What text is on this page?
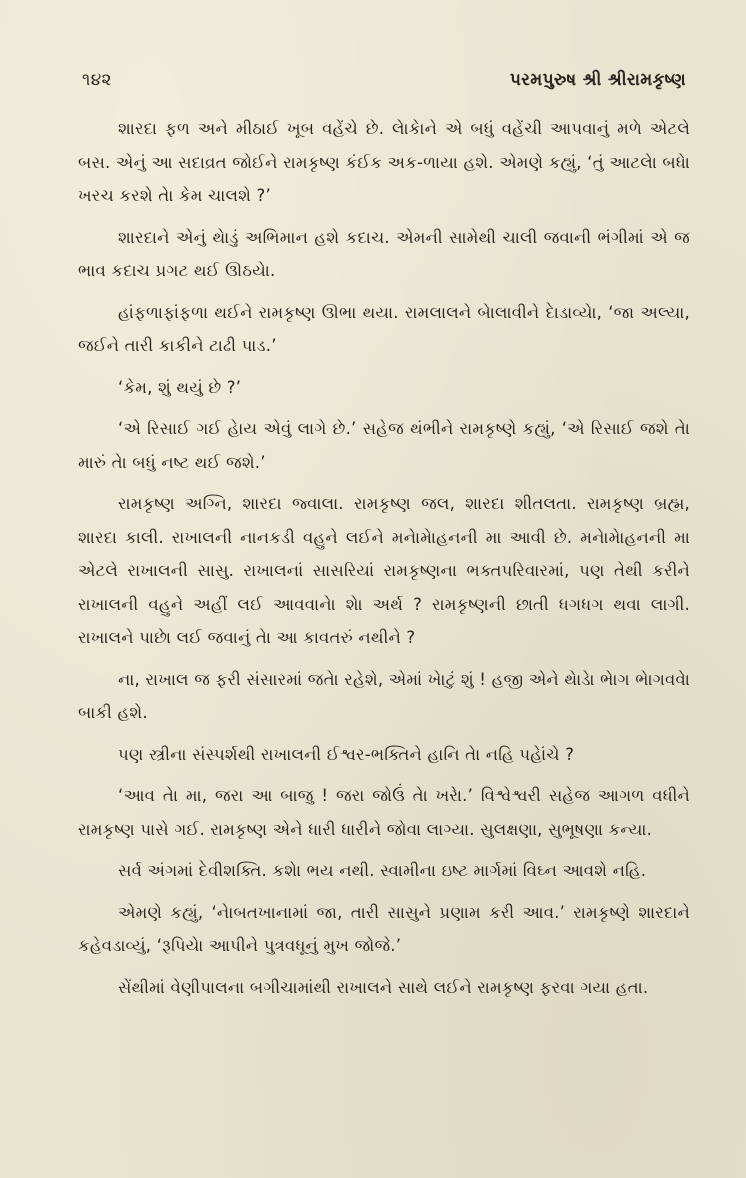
૧૪૨	પરમપુરુષ શ્રી શ્રીરામકૃષ્ણ

શારદા ફળ અને મીઠાઈ ખૂબ વહેંચે છે. લેાકેાને એ બધું વહેંચી આપવાનું મળે એટલે બસ. એનું આ સદાવ્રત જોઈને રામકૃષ્ણ કંઈક અક-ળાયા હશે. એમણે કહ્યું, ‘તું આટલેા બધેા ખરચ કરશે તેા કેમ ચાલશે ?’

શારદાને એનું થેાડું અભિમાન હશે કદાચ. એમની સામેથી ચાલી જવાની ભંગીમાં એ જ ભાવ કદાચ પ્રગટ થઈ ઊઠયેા.

હાંફળાફાંફળા થઈને રામકૃષ્ણ ઊભા થયા. રામલાલને બેાલાવીને દેાડાવ્યેા, ‘જા અલ્યા, જઈને તારી કાકીને ટાઢી પાડ.’

‘કેમ, શું થયું છે ?’

‘એ રિસાઈ ગઈ હેાય એવું લાગે છે.’ સહેજ થંભીને રામકૃષ્ણે કહ્યું, ‘એ રિસાઈ જશે તેા મારું તેા બધું નષ્ટ થઈ જશે.’

રામકૃષ્ણ અગ્નિ, શારદા જ્વાલા. રામકૃષ્ણ જલ, શારદા શીતલતા. રામકૃષ્ણ બ્રહ્મ, શારદા કાલી. રાખાલની નાનકડી વહુને લઈને મનેામેાહનની મા આવી છે. મનેામેાહનની મા એટલે રાખાલની સાસુ. રાખાલનાં સાસરિયાં રામકૃષ્ણના ભક્તપરિવારમાં, પણ તેથી કરીને રાખાલની વહુને અહીં લઈ આવવાનેા શેા અર્થ ? રામકૃષ્ણની છાતી ધગધગ થવા લાગી. રાખાલને પાછેા લઈ જવાનું તેા આ કાવતરું નથીને ?

ના, રાખાલ જ ફરી સંસારમાં જતેા રહેશે, એમાં ખેાટું શું ! હજી એને થેાડેા ભેાગ ભેાગવવેા બાકી હશે.

પણ સ્ત્રીના સંસ્પર્શથી રાખાલની ઈશ્વર-ભક્તિને હાનિ તેા નહિ પહેાંચે ?

‘આવ તેા મા, જરા આ બાજુ ! જરા જોઉં તેા ખરેા.’ વિશ્વેશ્વરી સહેજ આગળ વધીને રામકૃષ્ણ પાસે ગઈ. રામકૃષ્ણ એને ધારી ધારીને જોવા લાગ્યા. સુલક્ષણા, સુભૂષણા કન્યા.

સર્વ અંગમાં દેવીશક્તિ. કશેા ભય નથી. સ્વામીના ઇષ્ટ માર્ગમાં વિઘ્ન આવશે નહિ.

એમણે કહ્યું, ‘નેાબતખાનામાં જા, તારી સાસુને પ્રણામ કરી આવ.’ રામકૃષ્ણે શારદાને કહેવડાવ્યું, ‘રૂપિયેા આપીને પુત્રવધૂનું મુખ જોજે.’

સેંથીમાં વેણીપાલના બગીચામાંથી રાખાલને સાથે લઈને રામકૃષ્ણ ફરવા ગયા હતા.
